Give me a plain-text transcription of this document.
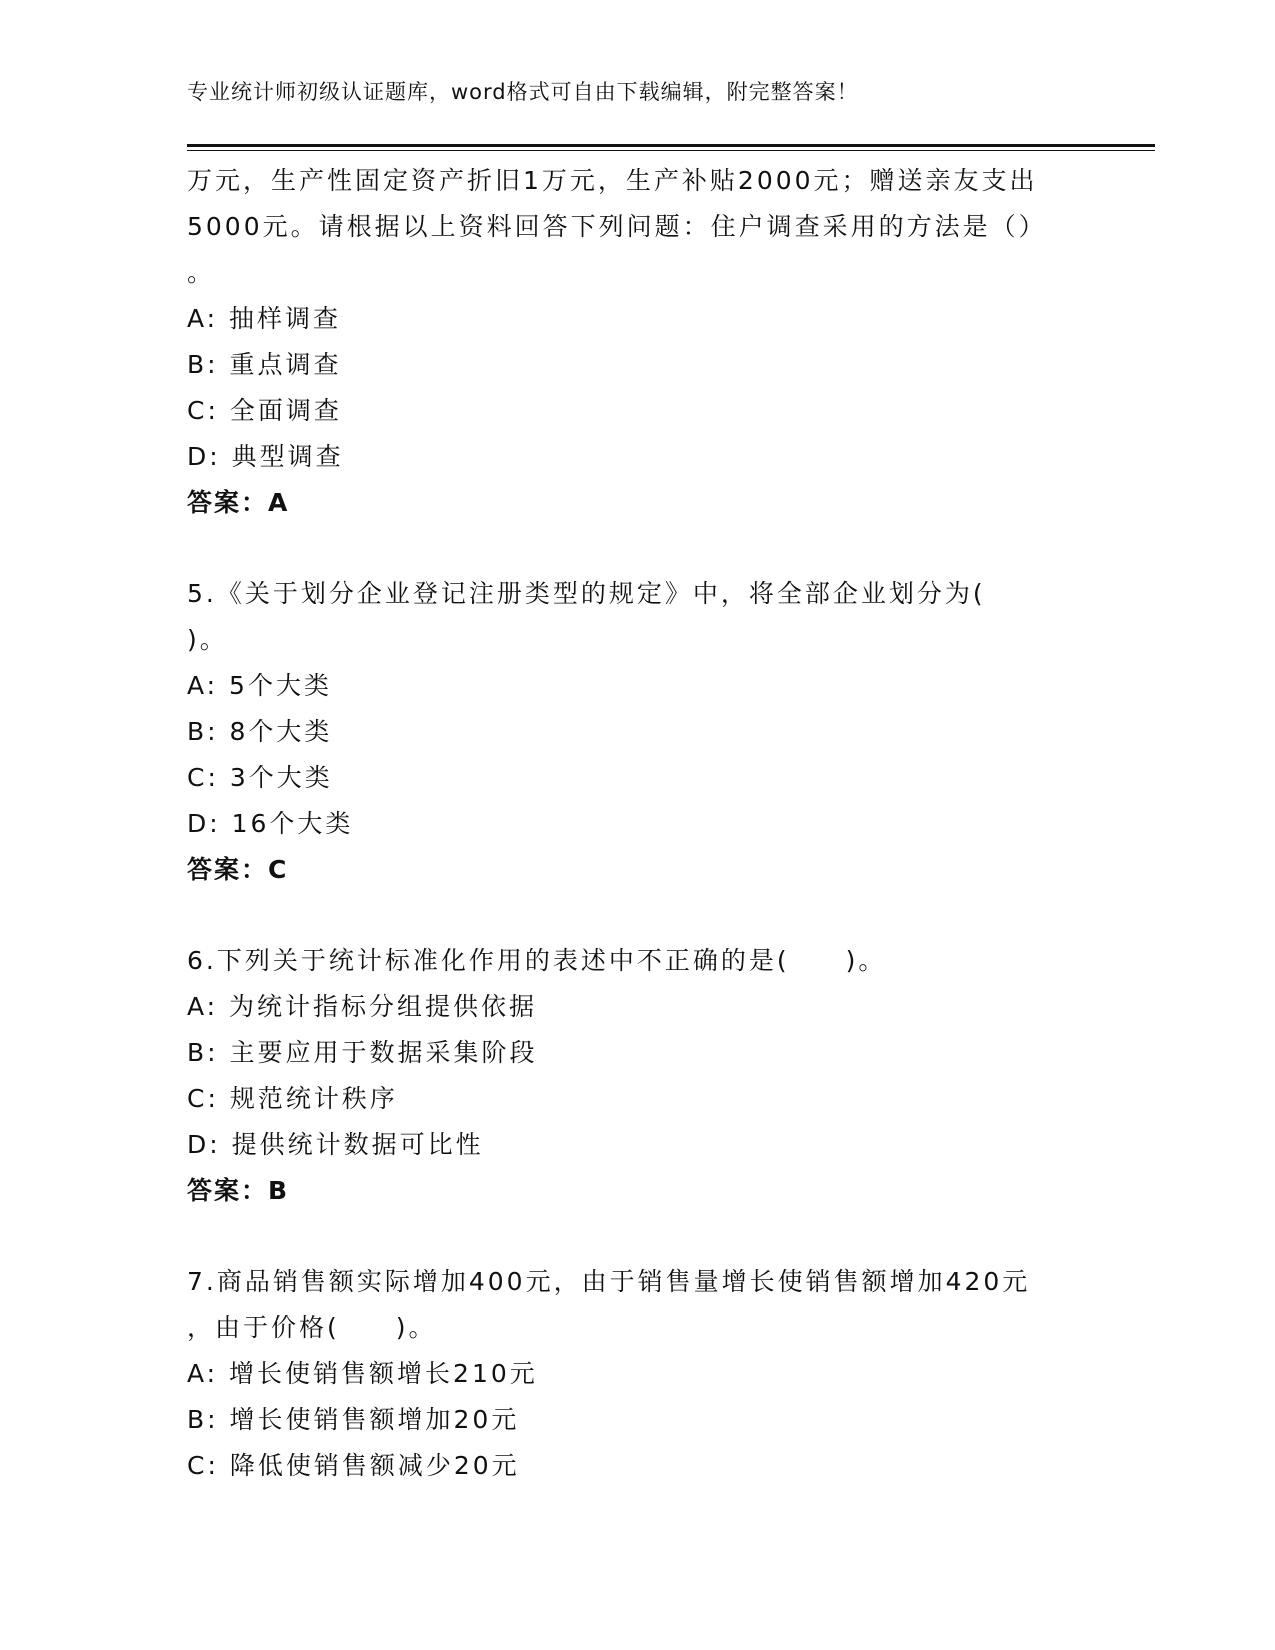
专业统计师初级认证题库，word格式可自由下载编辑，附完整答案！
万元，生产性固定资产折旧1万元，生产补贴2000元；赠送亲友支出
5000元。请根据以上资料回答下列问题：住户调查采用的方法是（）
。
A: 抽样调查
B: 重点调查
C: 全面调查
D: 典型调查
答案：A
5.《关于划分企业登记注册类型的规定》中，将全部企业划分为(
)。
A: 5个大类
B: 8个大类
C: 3个大类
D: 16个大类
答案：C
6.下列关于统计标准化作用的表述中不正确的是(　　)。
A: 为统计指标分组提供依据
B: 主要应用于数据采集阶段
C: 规范统计秩序
D: 提供统计数据可比性
答案：B
7.商品销售额实际增加400元，由于销售量增长使销售额增加420元
，由于价格(　　)。
A: 增长使销售额增长210元
B: 增长使销售额增加20元
C: 降低使销售额减少20元
